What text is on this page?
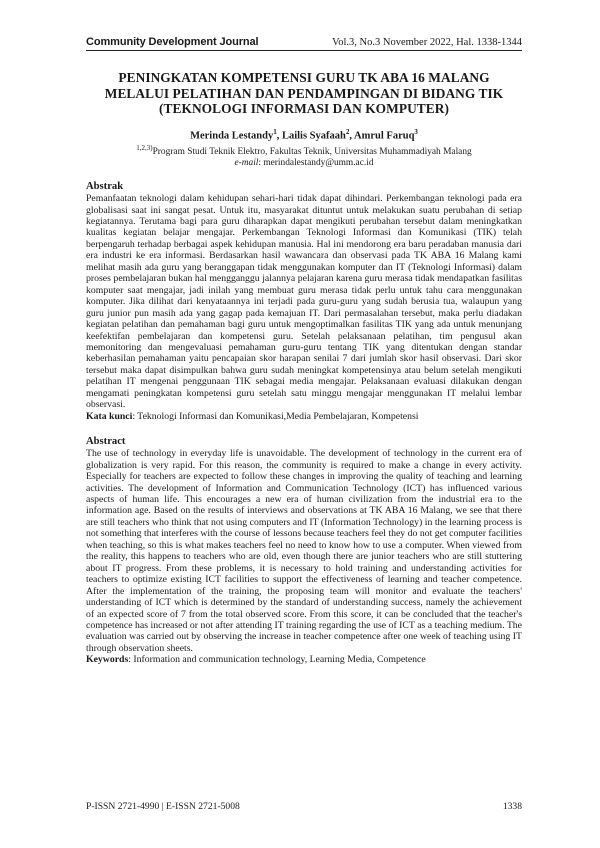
Community Development Journal	Vol.3, No.3 November 2022, Hal. 1338-1344
PENINGKATAN KOMPETENSI GURU TK ABA 16 MALANG
MELALUI PELATIHAN DAN PENDAMPINGAN DI BIDANG TIK
(TEKNOLOGI INFORMASI DAN KOMPUTER)
Merinda Lestandy$^1$, Lailis Syafaah$^2$, Amrul Faruq$^3$
$^{1,2,3)}$Program Studi Teknik Elektro, Fakultas Teknik, Universitas Muhammadiyah Malang
e-mail: merindalestandy@umm.ac.id
Abstrak

Pemanfaatan teknologi dalam kehidupan sehari-hari tidak dapat dihindari. Perkembangan teknologi pada era globalisasi saat ini sangat pesat. Untuk itu, masyarakat dituntut untuk melakukan suatu perubahan di setiap kegiatannya. Terutama bagi para guru diharapkan dapat mengikuti perubahan tersebut dalam meningkatkan kualitas kegiatan belajar mengajar. Perkembangan Teknologi Informasi dan Komunikasi (TIK) telah berpengaruh terhadap berbagai aspek kehidupan manusia. Hal ini mendorong era baru peradaban manusia dari era industri ke era informasi. Berdasarkan hasil wawancara dan observasi pada TK ABA 16 Malang kami melihat masih ada guru yang beranggapan tidak menggunakan komputer dan IT (Teknologi Informasi) dalam proses pembelajaran bukan hal mengganggu jalannya pelajaran karena guru merasa tidak mendapatkan fasilitas komputer saat mengajar, jadi inilah yang membuat guru merasa tidak perlu untuk tahu cara menggunakan komputer. Jika dilihat dari kenyataannya ini terjadi pada guru-guru yang sudah berusia tua, walaupun yang guru junior pun masih ada yang gagap pada kemajuan IT. Dari permasalahan tersebut, maka perlu diadakan kegiatan pelatihan dan pemahaman bagi guru untuk mengoptimalkan fasilitas TIK yang ada untuk menunjang keefektifan pembelajaran dan kompetensi guru. Setelah pelaksanaan pelatihan, tim pengusul akan memonitoring dan mengevaluasi pemahaman guru-guru tentang TIK yang ditentukan dengan standar keberhasilan pemahaman yaitu pencapaian skor harapan senilai 7 dari jumlah skor hasil observasi. Dari skor tersebut maka dapat disimpulkan bahwa guru sudah meningkat kompetensinya atau belum setelah mengikuti pelatihan IT mengenai penggunaan TIK sebagai media mengajar. Pelaksanaan evaluasi dilakukan dengan mengamati peningkatan kompetensi guru setelah satu minggu mengajar menggunakan IT melalui lembar observasi.

Kata kunci: Teknologi Informasi dan Komunikasi,Media Pembelajaran, Kompetensi

Abstract

The use of technology in everyday life is unavoidable. The development of technology in the current era of globalization is very rapid. For this reason, the community is required to make a change in every activity. Especially for teachers are expected to follow these changes in improving the quality of teaching and learning activities. The development of Information and Communication Technology (ICT) has influenced various aspects of human life. This encourages a new era of human civilization from the industrial era to the information age. Based on the results of interviews and observations at TK ABA 16 Malang, we see that there are still teachers who think that not using computers and IT (Information Technology) in the learning process is not something that interferes with the course of lessons because teachers feel they do not get computer facilities when teaching, so this is what makes teachers feel no need to know how to use a computer. When viewed from the reality, this happens to teachers who are old, even though there are junior teachers who are still stuttering about IT progress. From these problems, it is necessary to hold training and understanding activities for teachers to optimize existing ICT facilities to support the effectiveness of learning and teacher competence. After the implementation of the training, the proposing team will monitor and evaluate the teachers' understanding of ICT which is determined by the standard of understanding success, namely the achievement of an expected score of 7 from the total observed score. From this score, it can be concluded that the teacher's competence has increased or not after attending IT training regarding the use of ICT as a teaching medium. The evaluation was carried out by observing the increase in teacher competence after one week of teaching using IT through observation sheets.

Keywords: Information and communication technology, Learning Media, Competence

P-ISSN 2721-4990 | E-ISSN 2721-5008	1338
